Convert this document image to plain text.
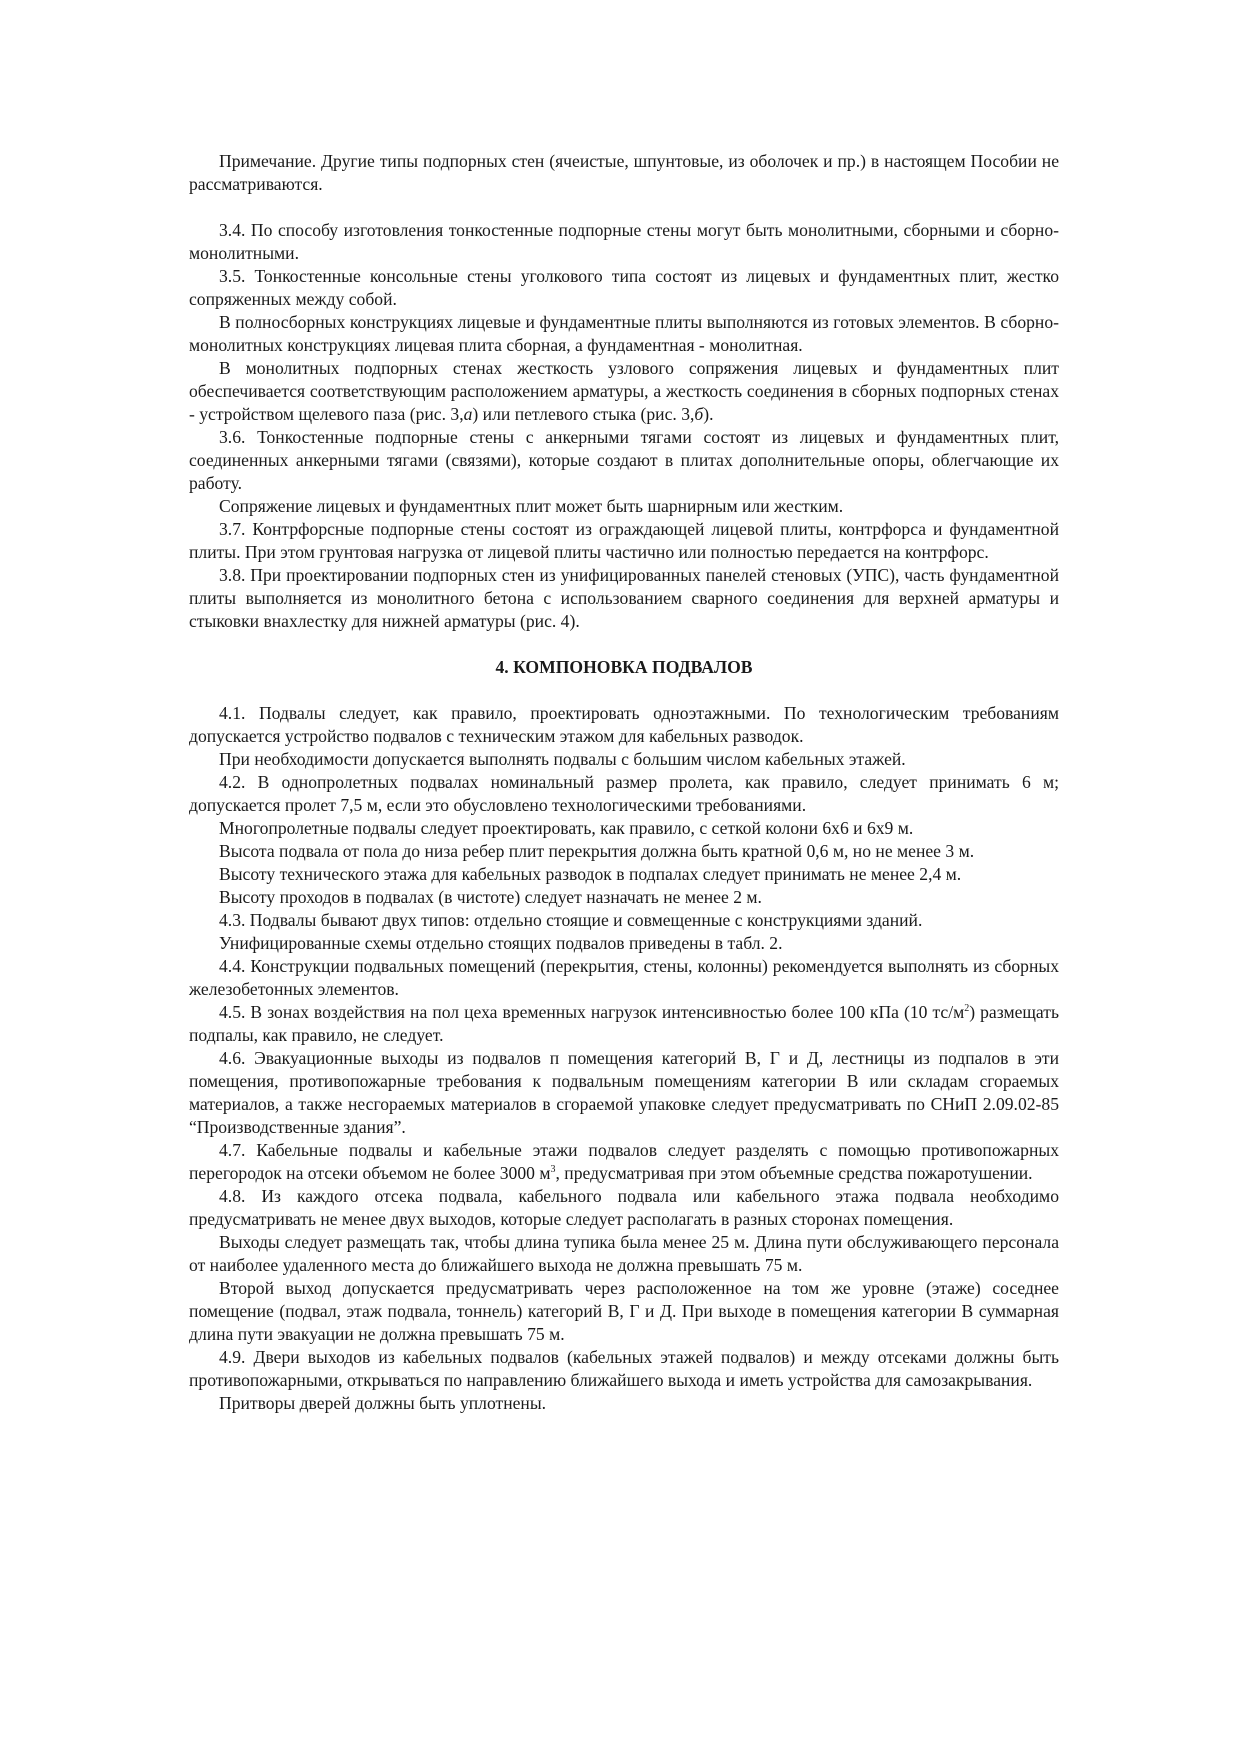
Примечание. Другие типы подпорных стен (ячеистые, шпунтовые, из оболочек и пр.) в настоящем Пособии не рассматриваются.

3.4. По способу изготовления тонкостенные подпорные стены могут быть монолитными, сборными и сборно-монолитными.

3.5. Тонкостенные консольные стены уголкового типа состоят из лицевых и фундаментных плит, жестко сопряженных между собой.

В полносборных конструкциях лицевые и фундаментные плиты выполняются из готовых элементов. В сборно-монолитных конструкциях лицевая плита сборная, а фундаментная - монолитная.

В монолитных подпорных стенах жесткость узлового сопряжения лицевых и фундаментных плит обеспечивается соответствующим расположением арматуры, а жесткость соединения в сборных подпорных стенах - устройством щелевого паза (рис. 3,а) или петлевого стыка (рис. 3,б).

3.6. Тонкостенные подпорные стены с анкерными тягами состоят из лицевых и фундаментных плит, соединенных анкерными тягами (связями), которые создают в плитах дополнительные опоры, облегчающие их работу.

Сопряжение лицевых и фундаментных плит может быть шарнирным или жестким.

3.7. Контрфорсные подпорные стены состоят из ограждающей лицевой плиты, контрфорса и фундаментной плиты. При этом грунтовая нагрузка от лицевой плиты частично или полностью передается на контрфорс.

3.8. При проектировании подпорных стен из унифицированных панелей стеновых (УПС), часть фундаментной плиты выполняется из монолитного бетона с использованием сварного соединения для верхней арматуры и стыковки внахлестку для нижней арматуры (рис. 4).

4. КОМПОНОВКА ПОДВАЛОВ

4.1. Подвалы следует, как правило, проектировать одноэтажными. По технологическим требованиям допускается устройство подвалов с техническим этажом для кабельных разводок.

При необходимости допускается выполнять подвалы с большим числом кабельных этажей.

4.2. В однопролетных подвалах номинальный размер пролета, как правило, следует принимать 6 м; допускается пролет 7,5 м, если это обусловлено технологическими требованиями.

Многопролетные подвалы следует проектировать, как правило, с сеткой колони 6х6 и 6х9 м.

Высота подвала от пола до низа ребер плит перекрытия должна быть кратной 0,6 м, но не менее 3 м.

Высоту технического этажа для кабельных разводок в подпалах следует принимать не менее 2,4 м.

Высоту проходов в подвалах (в чистоте) следует назначать не менее 2 м.

4.3. Подвалы бывают двух типов: отдельно стоящие и совмещенные с конструкциями зданий.

Унифицированные схемы отдельно стоящих подвалов приведены в табл. 2.

4.4. Конструкции подвальных помещений (перекрытия, стены, колонны) рекомендуется выполнять из сборных железобетонных элементов.

4.5. В зонах воздействия на пол цеха временных нагрузок интенсивностью более 100 кПа (10 $тс/м^2$) размещать подпалы, как правило, не следует.

4.6. Эвакуационные выходы из подвалов п помещения категорий В, Г и Д, лестницы из подпалов в эти помещения, противопожарные требования к подвальным помещениям категории В или складам сгораемых материалов, а также несгораемых материалов в сгораемой упаковке следует предусматривать по СНиП 2.09.02-85 “Производственные здания”.

4.7. Кабельные подвалы и кабельные этажи подвалов следует разделять с помощью противопожарных перегородок на отсеки объемом не более 3000 $м^3$, предусматривая при этом объемные средства пожаротушении.

4.8. Из каждого отсека подвала, кабельного подвала или кабельного этажа подвала необходимо предусматривать не менее двух выходов, которые следует располагать в разных сторонах помещения.

Выходы следует размещать так, чтобы длина тупика была менее 25 м. Длина пути обслуживающего персонала от наиболее удаленного места до ближайшего выхода не должна превышать 75 м.

Второй выход допускается предусматривать через расположенное на том же уровне (этаже) соседнее помещение (подвал, этаж подвала, тоннель) категорий В, Г и Д. При выходе в помещения категории В суммарная длина пути эвакуации не должна превышать 75 м.

4.9. Двери выходов из кабельных подвалов (кабельных этажей подвалов) и между отсеками должны быть противопожарными, открываться по направлению ближайшего выхода и иметь устройства для самозакрывания.

Притворы дверей должны быть уплотнены.
